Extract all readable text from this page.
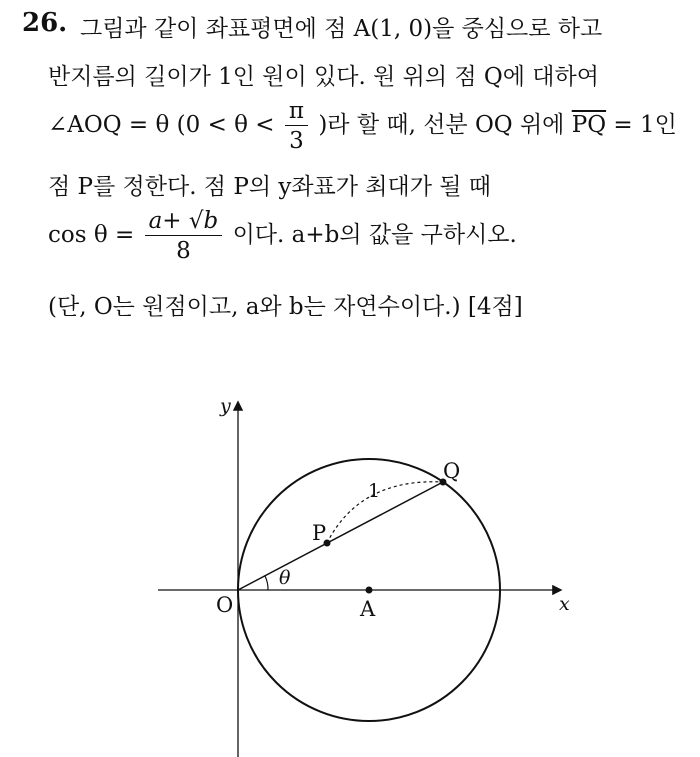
26. 그림과 같이 좌표평면에 점 A(1, 0)을 중심으로 하고
반지름의 길이가 1인 원이 있다. 원 위의 점 Q에 대하여
∠AOQ = θ ($0 < \theta < \frac{\pi}{3}$ )라 할 때, 선분 OQ 위에 $\overline{PQ} = 1$인
점 P를 정한다. 점 P의 y좌표가 최대가 될 때
$\cos \theta = \frac{a+ √b}{8}$ 이다. a+b의 값을 구하시오.
(단, O는 원점이고, a와 b는 자연수이다.) [4점]
y
x
O	A
P
Q
1
θ
